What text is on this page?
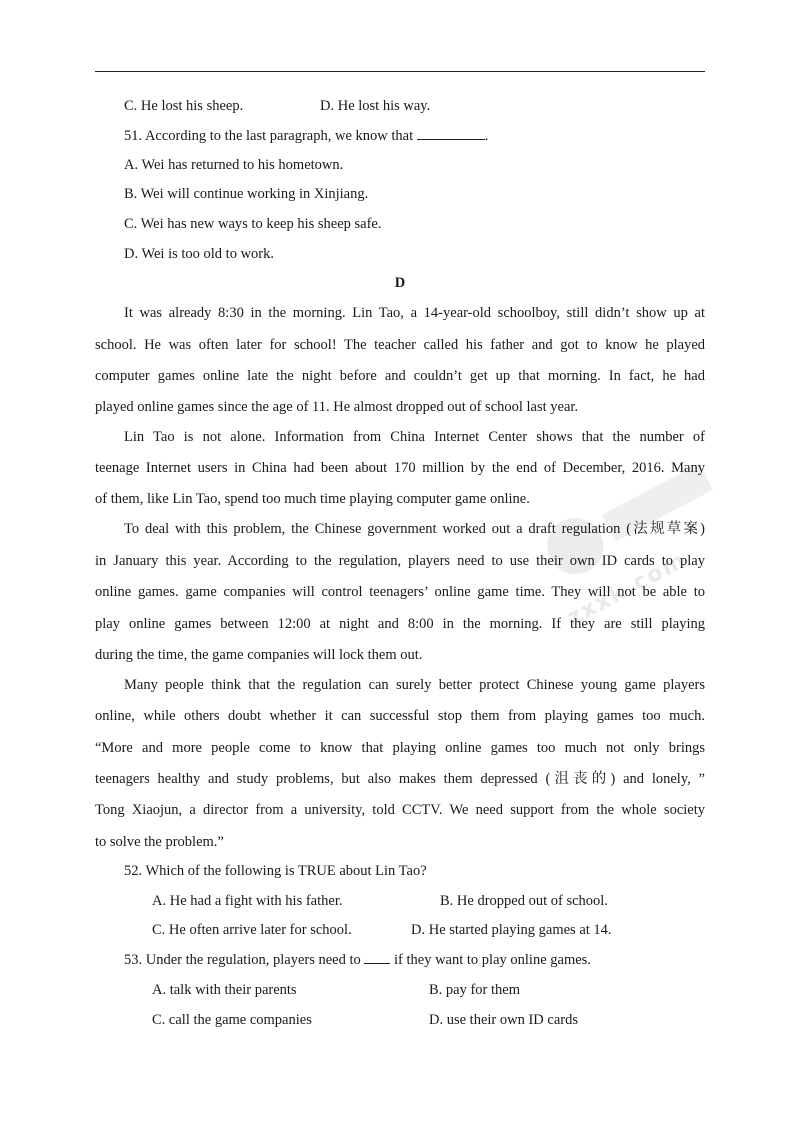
zxxk.com
C. He lost his sheep.	D. He lost his way.
51. According to the last paragraph, we know that	.
A. Wei has returned to his hometown.
B. Wei will continue working in Xinjiang.
C. Wei has new ways to keep his sheep safe.
D. Wei is too old to work.
D
It was already 8:30 in the morning. Lin Tao, a 14-year-old schoolboy, still didn’t show up at
school. He was often later for school! The teacher called his father and got to know he played
computer games online late the night before and couldn’t get up that morning. In fact, he had
played online games since the age of 11. He almost dropped out of school last year.
Lin Tao is not alone. Information from China Internet Center shows that the number of
teenage Internet users in China had been about 170 million by the end of December, 2016. Many
of them, like Lin Tao, spend too much time playing computer game online.
To deal with this problem, the Chinese government worked out a draft regulation (法规草案)
in January this year. According to the regulation, players need to use their own ID cards to play
online games. game companies will control teenagers’ online game time. They will not be able to
play online games between 12:00 at night and 8:00 in the morning. If they are still playing
during the time, the game companies will lock them out.
Many people think that the regulation can surely better protect Chinese young game players
online, while others doubt whether it can successful stop them from playing games too much.
“More and more people come to know that playing online games too much not only brings
teenagers healthy and study problems, but also makes them depressed (沮丧的) and lonely, ”
Tong Xiaojun, a director from a university, told CCTV. We need support from the whole society
to solve the problem.”
52. Which of the following is TRUE about Lin Tao?
A. He had a fight with his father.	B. He dropped out of school.
C. He often arrive later for school.	D. He started playing games at 14.
53. Under the regulation, players need to  if they want to play online games.
A. talk with their parents	B. pay for them
C. call the game companies	D. use their own ID cards
